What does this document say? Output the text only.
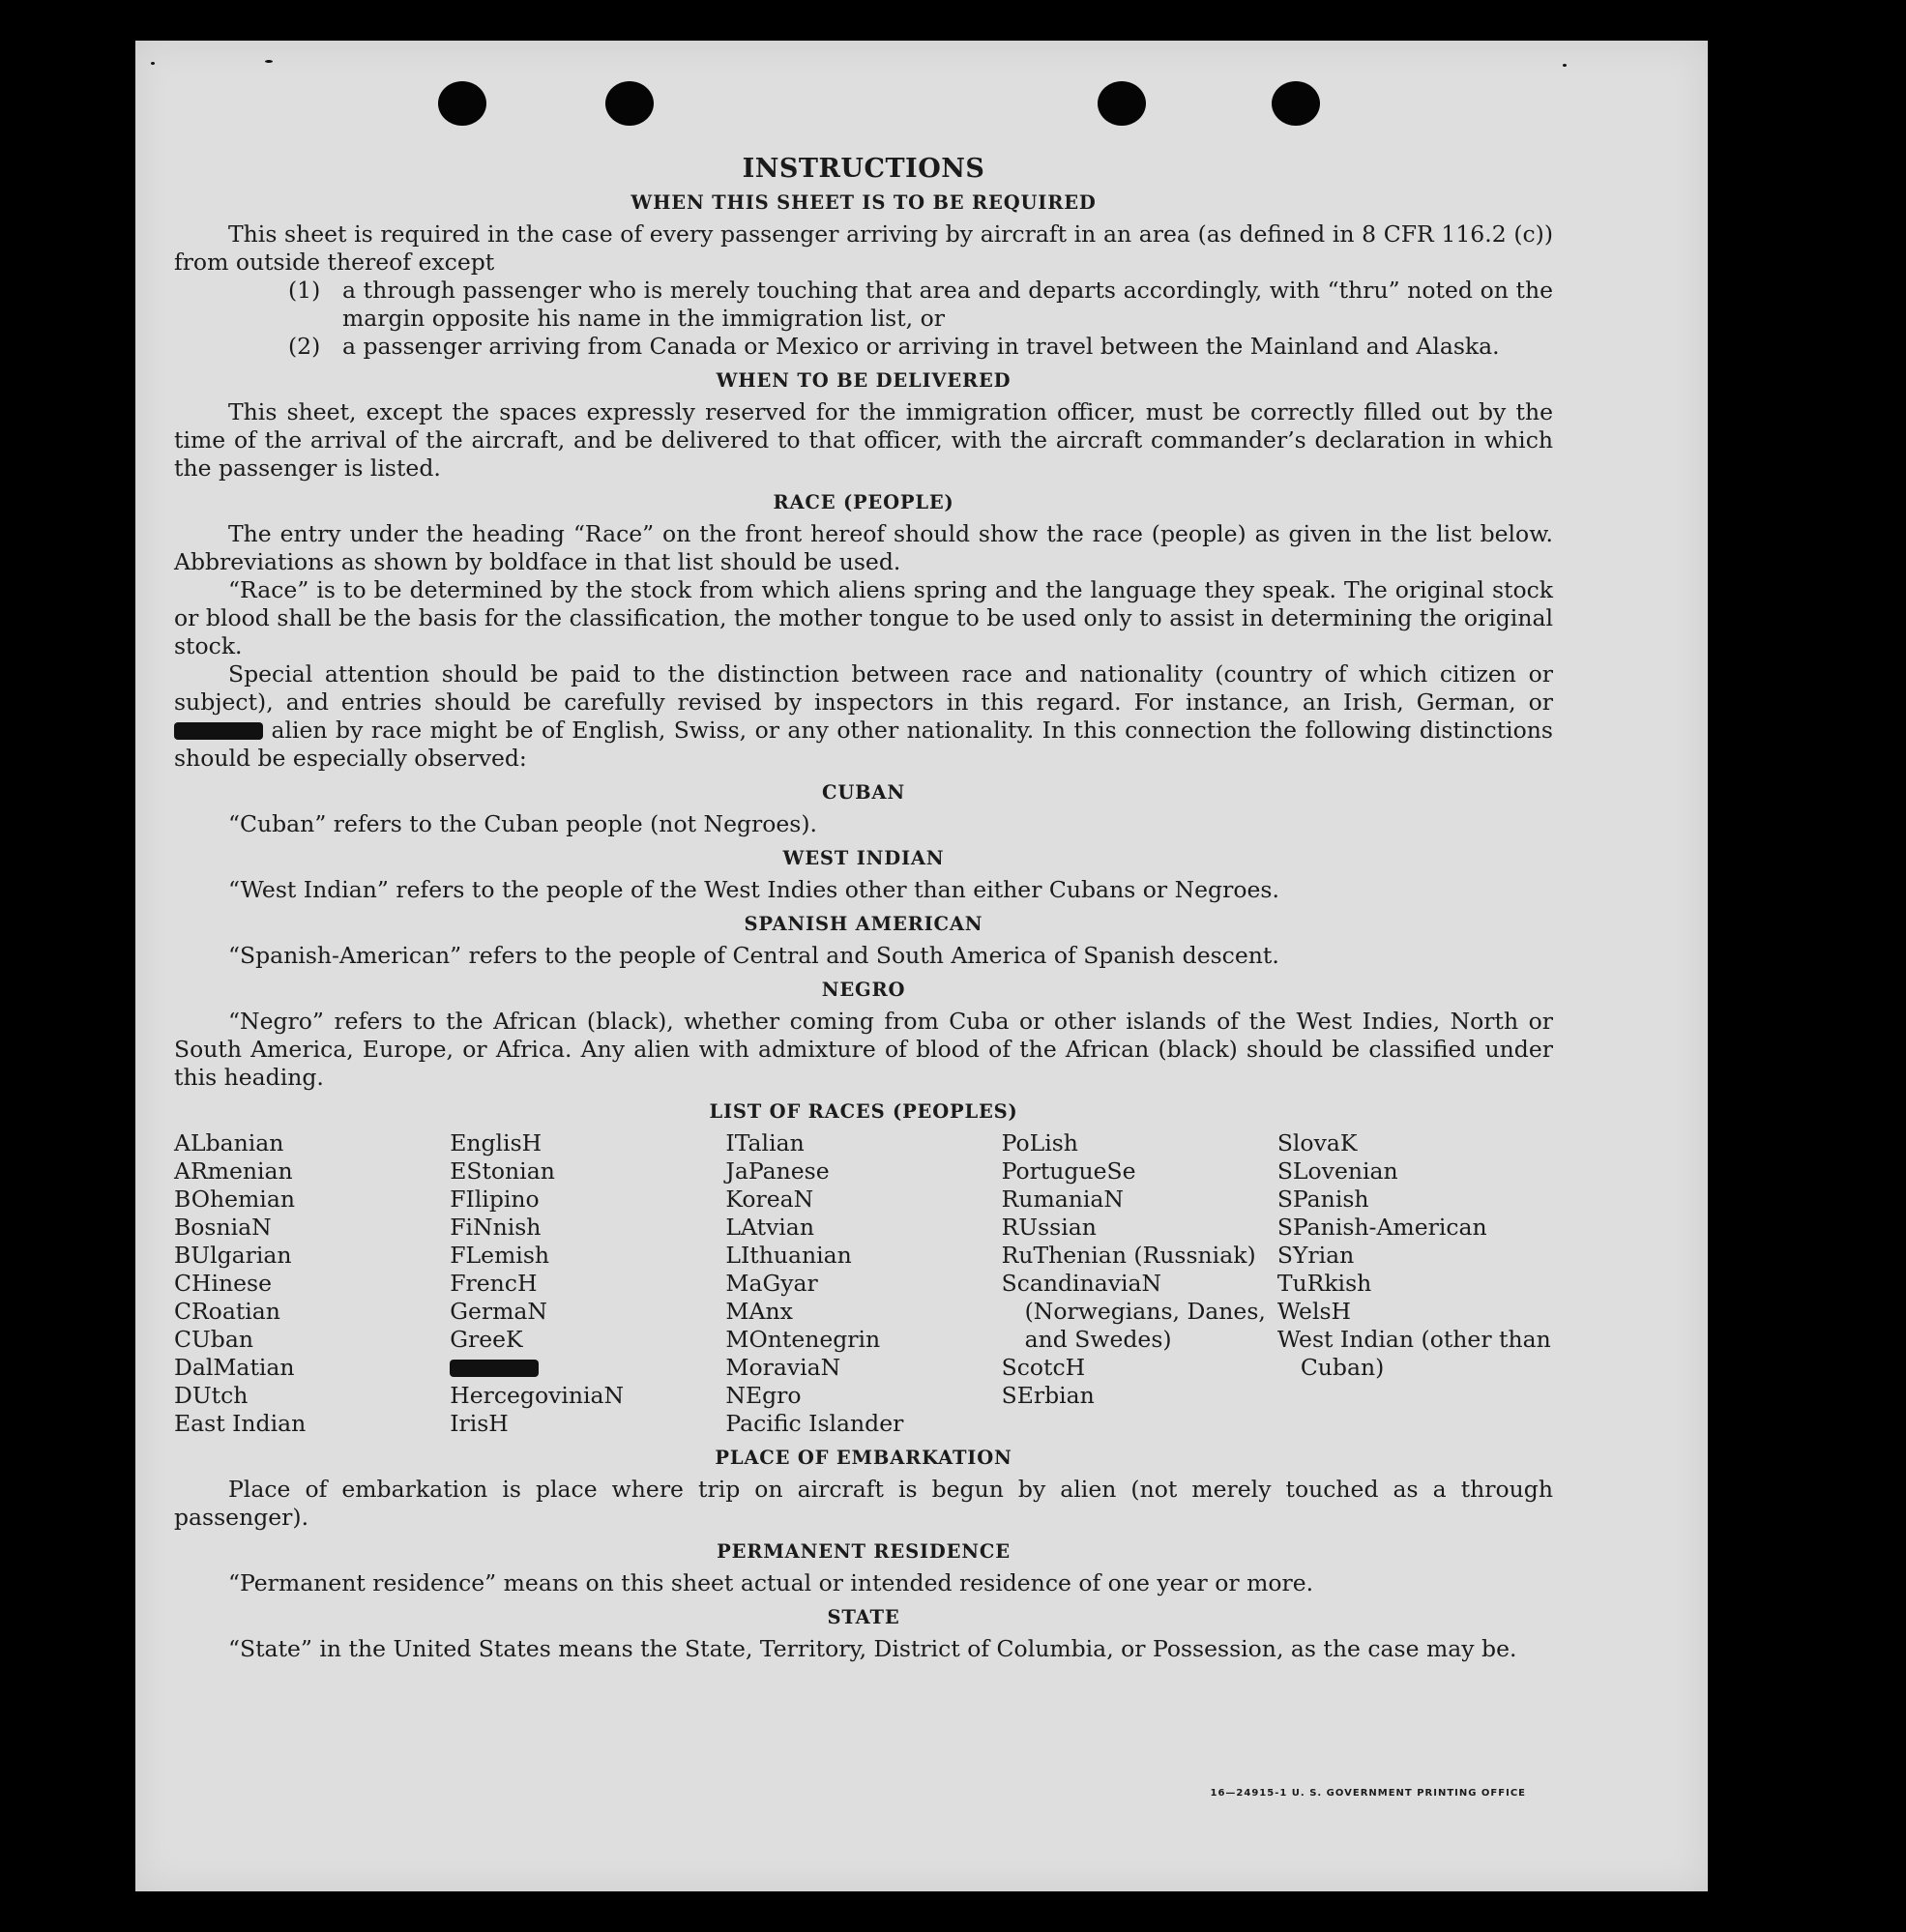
INSTRUCTIONS
WHEN THIS SHEET IS TO BE REQUIRED

This sheet is required in the case of every passenger arriving by aircraft in an area (as defined in 8 CFR 116.2 (c)) from outside thereof except

(1) a through passenger who is merely touching that area and departs accordingly, with “thru” noted on the margin opposite his name in the immigration list, or
(2) a passenger arriving from Canada or Mexico or arriving in travel between the Mainland and Alaska.
WHEN TO BE DELIVERED

This sheet, except the spaces expressly reserved for the immigration officer, must be correctly filled out by the time of the arrival of the aircraft, and be delivered to that officer, with the aircraft commander’s declaration in which the passenger is listed.

RACE (PEOPLE)

The entry under the heading “Race” on the front hereof should show the race (people) as given in the list below. Abbreviations as shown by boldface in that list should be used.

“Race” is to be determined by the stock from which aliens spring and the language they speak. The original stock or blood shall be the basis for the classification, the mother tongue to be used only to assist in determining the original stock.

Special attention should be paid to the distinction between race and nationality (country of which citizen or subject), and entries should be carefully revised by inspectors in this regard. For instance, an Irish, German, or  alien by race might be of English, Swiss, or any other nationality. In this connection the following distinctions should be especially observed:

CUBAN

“Cuban” refers to the Cuban people (not Negroes).

WEST INDIAN

“West Indian” refers to the people of the West Indies other than either Cubans or Negroes.

SPANISH AMERICAN

“Spanish-American” refers to the people of Central and South America of Spanish descent.

NEGRO

“Negro” refers to the African (black), whether coming from Cuba or other islands of the West Indies, North or South America, Europe, or Africa. Any alien with admixture of blood of the African (black) should be classified under this heading.

LIST OF RACES (PEOPLES)
ALbanian
ARmenian
BOhemian
BosniaN
BUlgarian
CHinese
CRoatian
CUban
DalMatian
DUtch
East Indian
EnglisH
EStonian
FIlipino
FiNnish
FLemish
FrencH
GermaN
GreeK
HercegoviniaN
IrisH
ITalian
JaPanese
KoreaN
LAtvian
LIthuanian
MaGyar
MAnx
MOntenegrin
MoraviaN
NEgro
Pacific Islander
PoLish
PortugueSe
RumaniaN
RUssian
RuThenian (Russniak)
ScandinaviaN (Norwegians, Danes, and Swedes)
ScotcH
SErbian
SlovaK
SLovenian
SPanish
SPanish-American
SYrian
TuRkish
WelsH
West Indian (other than Cuban)
PLACE OF EMBARKATION

Place of embarkation is place where trip on aircraft is begun by alien (not merely touched as a through passenger).

PERMANENT RESIDENCE

“Permanent residence” means on this sheet actual or intended residence of one year or more.

STATE

“State” in the United States means the State, Territory, District of Columbia, or Possession, as the case may be.

16—24915-1 U. S. GOVERNMENT PRINTING OFFICE
